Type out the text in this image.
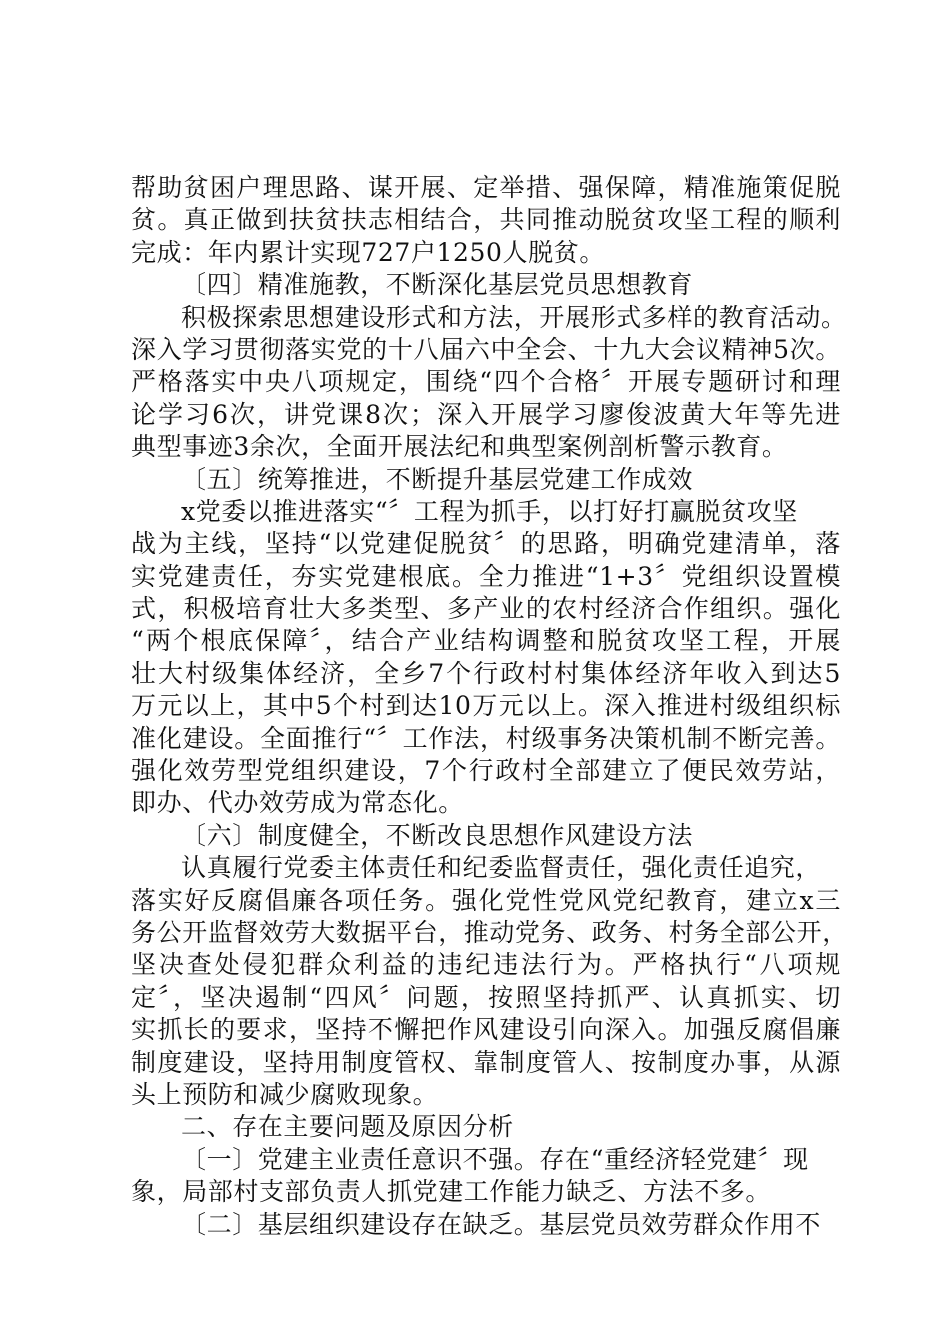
帮助贫困户理思路、谋开展、定举措、强保障，精准施策促脱
贫。真正做到扶贫扶志相结合，共同推动脱贫攻坚工程的顺利
完成：年内累计实现727户1250人脱贫。
〔四〕精准施教，不断深化基层党员思想教育
积极探索思想建设形式和方法，开展形式多样的教育活动。
深入学习贯彻落实党的十八届六中全会、十九大会议精神5次。
严格落实中央八项规定，围绕“四个合格〞开展专题研讨和理
论学习6次，讲党课8次；深入开展学习廖俊波黄大年等先进
典型事迹3余次，全面开展法纪和典型案例剖析警示教育。
〔五〕统筹推进，不断提升基层党建工作成效
x党委以推进落实“〞工程为抓手，以打好打赢脱贫攻坚
战为主线，坚持“以党建促脱贫〞的思路，明确党建清单，落
实党建责任，夯实党建根底。全力推进“1+3〞党组织设置模
式，积极培育壮大多类型、多产业的农村经济合作组织。强化
“两个根底保障〞，结合产业结构调整和脱贫攻坚工程，开展
壮大村级集体经济，全乡7个行政村村集体经济年收入到达5
万元以上，其中5个村到达10万元以上。深入推进村级组织标
准化建设。全面推行“〞工作法，村级事务决策机制不断完善。
强化效劳型党组织建设，7个行政村全部建立了便民效劳站，
即办、代办效劳成为常态化。
〔六〕制度健全，不断改良思想作风建设方法
认真履行党委主体责任和纪委监督责任，强化责任追究，
落实好反腐倡廉各项任务。强化党性党风党纪教育，建立x三
务公开监督效劳大数据平台，推动党务、政务、村务全部公开，
坚决查处侵犯群众利益的违纪违法行为。严格执行“八项规
定〞，坚决遏制“四风〞问题，按照坚持抓严、认真抓实、切
实抓长的要求，坚持不懈把作风建设引向深入。加强反腐倡廉
制度建设，坚持用制度管权、靠制度管人、按制度办事，从源
头上预防和减少腐败现象。
二、存在主要问题及原因分析
〔一〕党建主业责任意识不强。存在“重经济轻党建〞现
象，局部村支部负责人抓党建工作能力缺乏、方法不多。
〔二〕基层组织建设存在缺乏。基层党员效劳群众作用不
